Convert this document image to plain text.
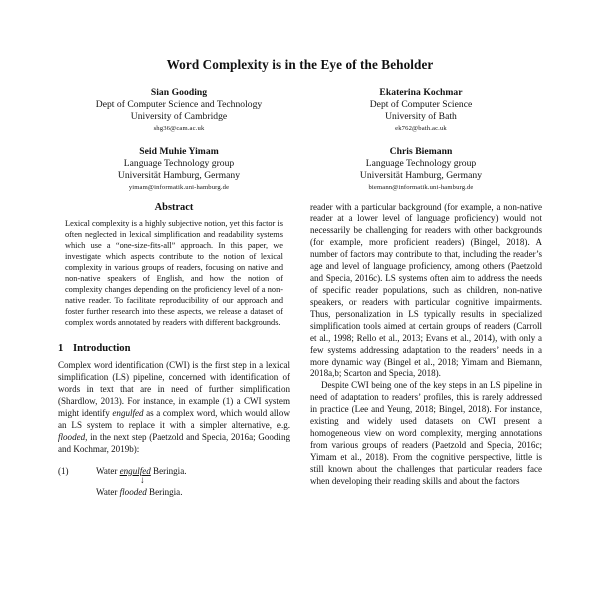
Word Complexity is in the Eye of the Beholder
Sian Gooding
Dept of Computer Science and Technology
University of Cambridge
shg36@cam.ac.uk
Ekaterina Kochmar
Dept of Computer Science
University of Bath
ek762@bath.ac.uk
Seid Muhie Yimam
Language Technology group
Universität Hamburg, Germany
yimam@informatik.uni-hamburg.de
Chris Biemann
Language Technology group
Universität Hamburg, Germany
biemann@informatik.uni-hamburg.de
Abstract

Lexical complexity is a highly subjective notion, yet this factor is often neglected in lexical simplification and readability systems which use a “one-size-fits-all” approach. In this paper, we investigate which aspects contribute to the notion of lexical complexity in various groups of readers, focusing on native and non-native speakers of English, and how the notion of complexity changes depending on the proficiency level of a non-native reader. To facilitate reproducibility of our approach and foster further research into these aspects, we release a dataset of complex words annotated by readers with different backgrounds.

1 Introduction

Complex word identification (CWI) is the first step in a lexical simplification (LS) pipeline, concerned with identification of words in text that are in need of further simplification (Shardlow, 2013). For instance, in example (1) a CWI system might identify engulfed as a complex word, which would allow an LS system to replace it with a simpler alternative, e.g. flooded, in the next step (Paetzold and Specia, 2016a; Gooding and Kochmar, 2019b):

(1)	Water engulfed Beringia.
↓
Water flooded Beringia.

reader with a particular background (for example, a non-native reader at a lower level of language proficiency) would not necessarily be challenging for readers with other backgrounds (for example, more proficient readers) (Bingel, 2018). A number of factors may contribute to that, including the reader’s age and level of language proficiency, among others (Paetzold and Specia, 2016c). LS systems often aim to address the needs of specific reader populations, such as children, non-native speakers, or readers with particular cognitive impairments. Thus, personalization in LS typically results in specialized simplification tools aimed at certain groups of readers (Carroll et al., 1998; Rello et al., 2013; Evans et al., 2014), with only a few systems addressing adaptation to the readers’ needs in a more dynamic way (Bingel et al., 2018; Yimam and Biemann, 2018a,b; Scarton and Specia, 2018).

Despite CWI being one of the key steps in an LS pipeline in need of adaptation to readers’ profiles, this is rarely addressed in practice (Lee and Yeung, 2018; Bingel, 2018). For instance, existing and widely used datasets on CWI present a homogeneous view on word complexity, merging annotations from various groups of readers (Paetzold and Specia, 2016c; Yimam et al., 2018). From the cognitive perspective, little is still known about the challenges that particular readers face when developing their reading skills and about the factors
